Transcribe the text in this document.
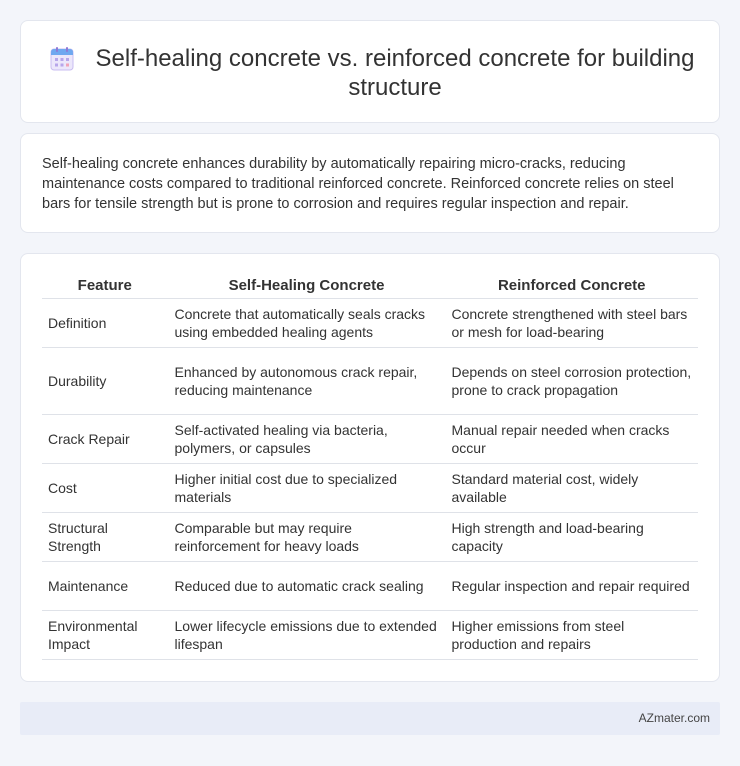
Self-healing concrete vs. reinforced concrete for building structure

Self-healing concrete enhances durability by automatically repairing micro-cracks, reducing maintenance costs compared to traditional reinforced concrete. Reinforced concrete relies on steel bars for tensile strength but is prone to corrosion and requires regular inspection and repair.

Feature	Self-Healing Concrete	Reinforced Concrete
Definition	Concrete that automatically seals cracks using embedded healing agents	Concrete strengthened with steel bars or mesh for load-bearing
Durability	Enhanced by autonomous crack repair, reducing maintenance	Depends on steel corrosion protection, prone to crack propagation
Crack Repair	Self-activated healing via bacteria, polymers, or capsules	Manual repair needed when cracks occur
Cost	Higher initial cost due to specialized materials	Standard material cost, widely available
Structural Strength	Comparable but may require reinforcement for heavy loads	High strength and load-bearing capacity
Maintenance	Reduced due to automatic crack sealing	Regular inspection and repair required
Environmental Impact	Lower lifecycle emissions due to extended lifespan	Higher emissions from steel production and repairs
AZmater.com
